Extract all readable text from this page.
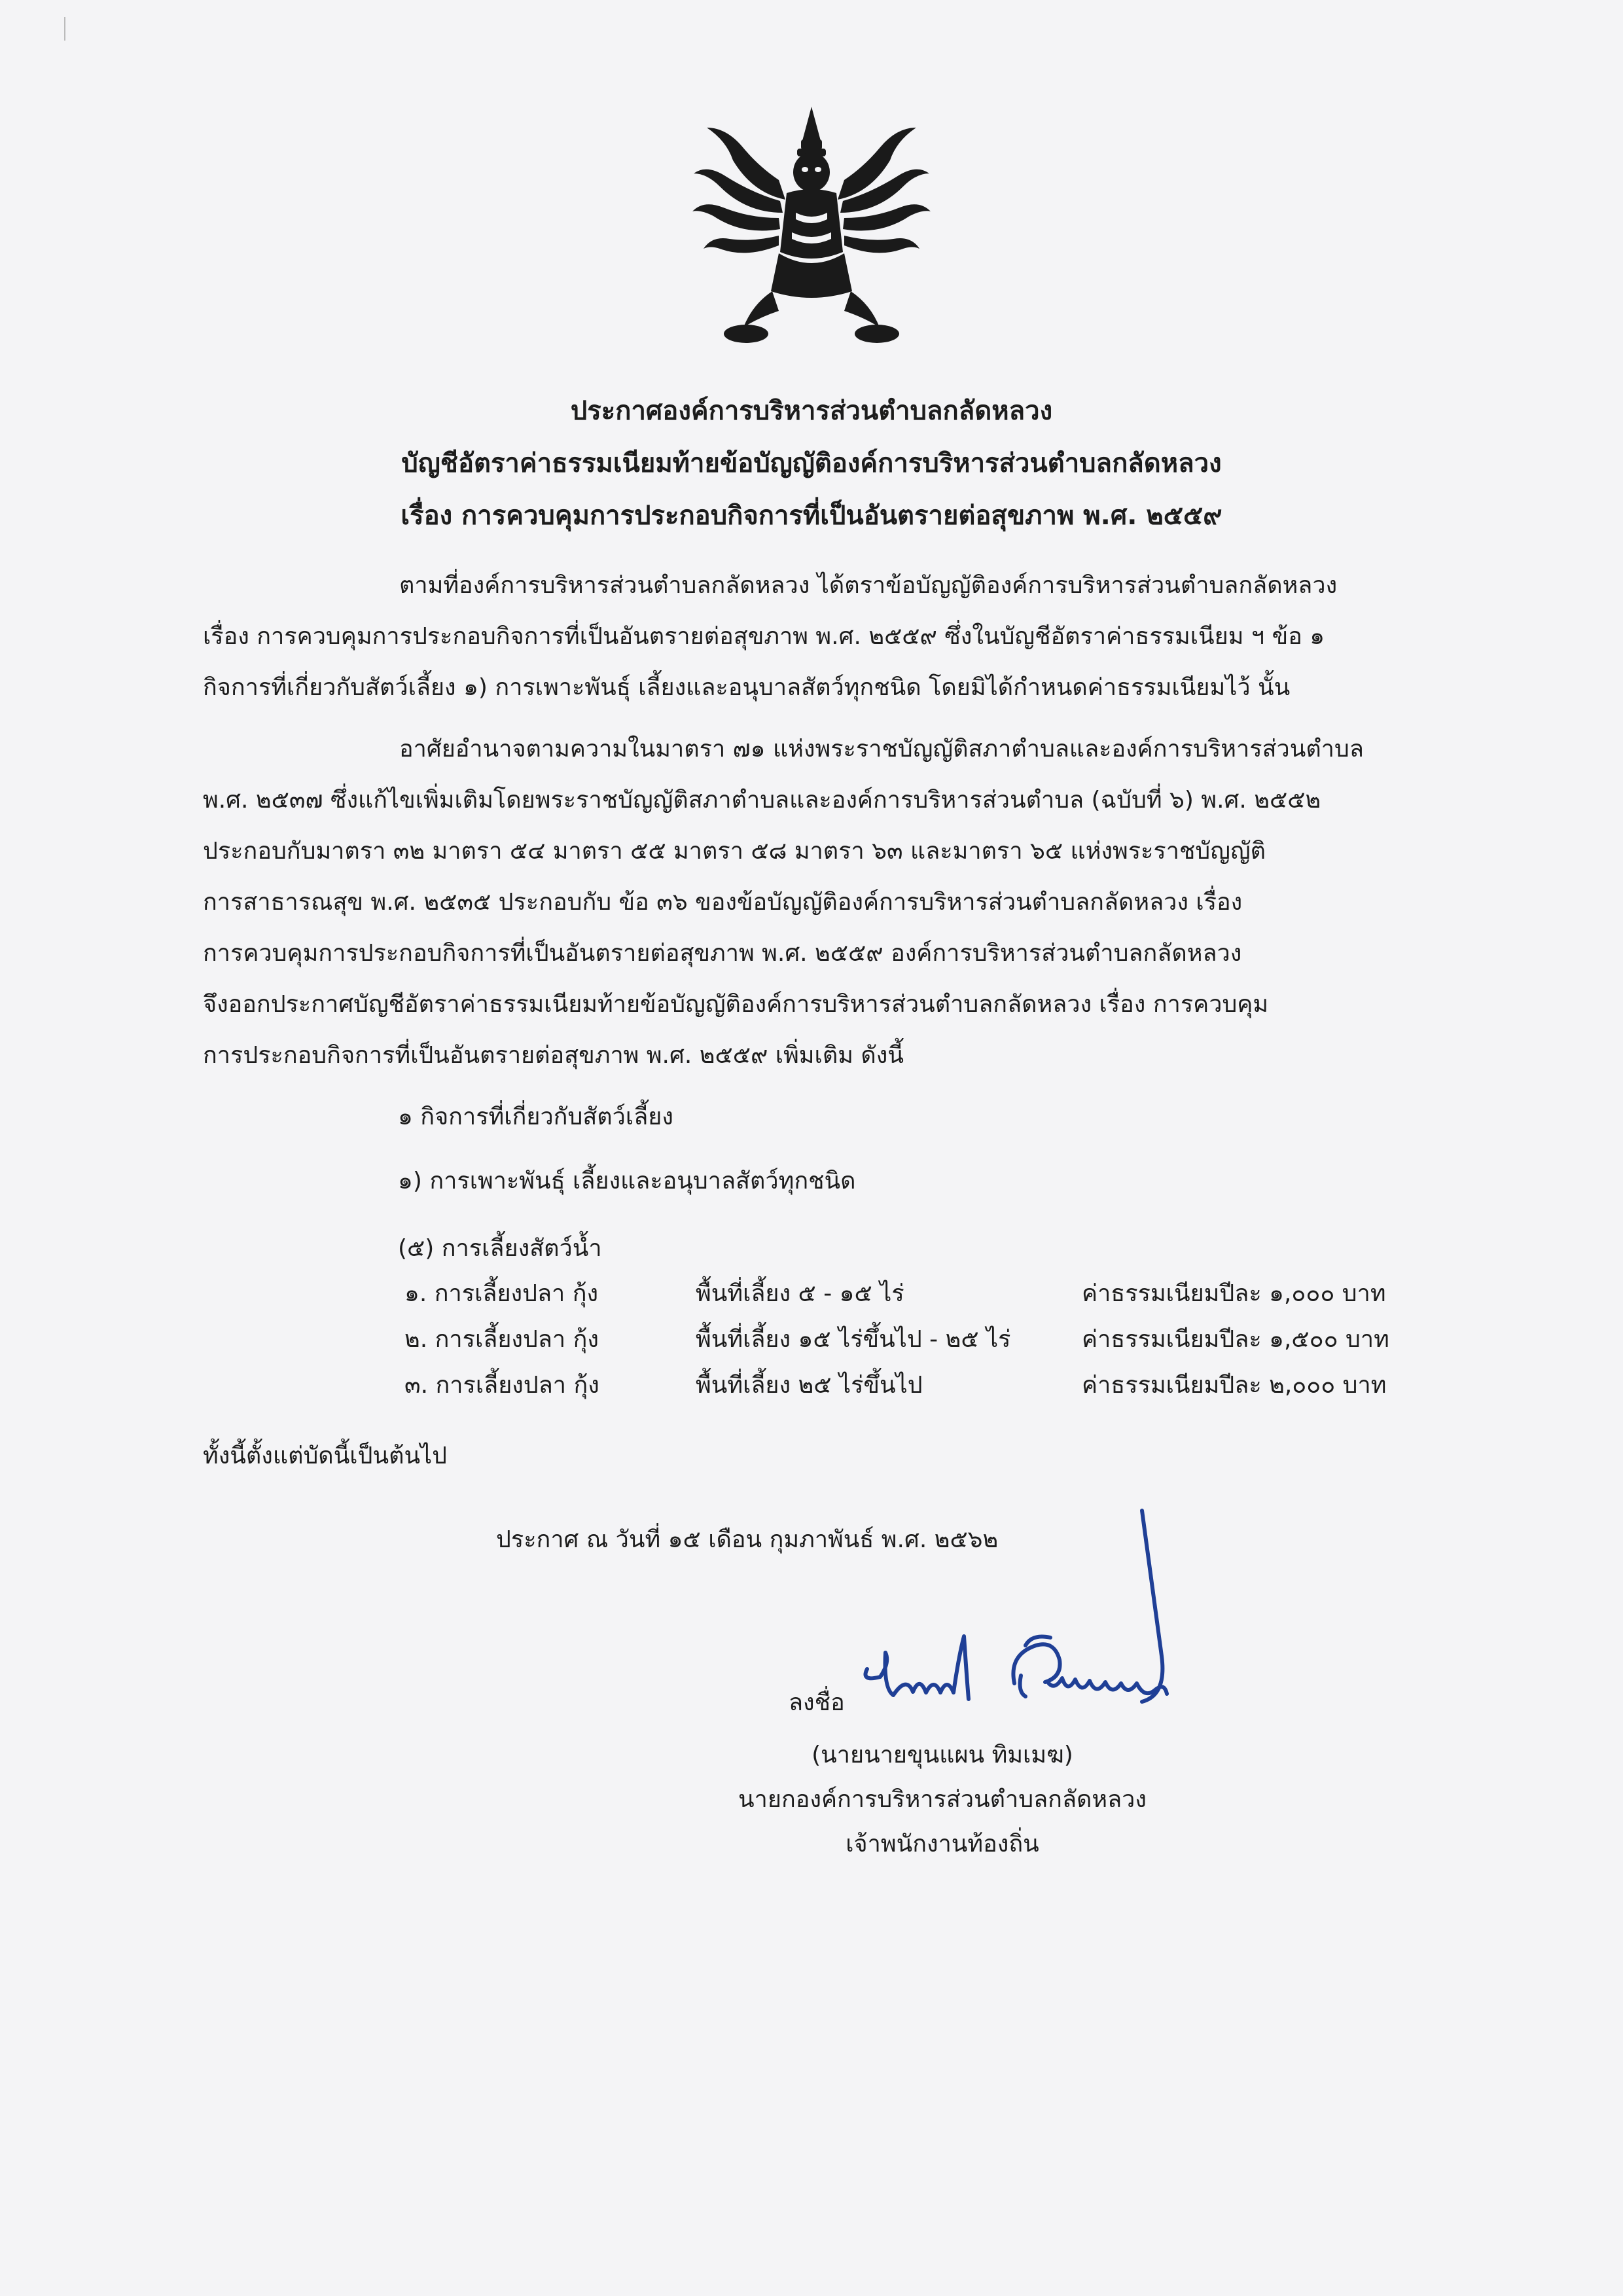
ประกาศองค์การบริหารส่วนตำบลกลัดหลวง

บัญชีอัตราค่าธรรมเนียมท้ายข้อบัญญัติองค์การบริหารส่วนตำบลกลัดหลวง

เรื่อง การควบคุมการประกอบกิจการที่เป็นอันตรายต่อสุขภาพ พ.ศ. ๒๕๕๙

ตามที่องค์การบริหารส่วนตำบลกลัดหลวง ได้ตราข้อบัญญัติองค์การบริหารส่วนตำบลกลัดหลวง
เรื่อง การควบคุมการประกอบกิจการที่เป็นอันตรายต่อสุขภาพ พ.ศ. ๒๕๕๙ ซึ่งในบัญชีอัตราค่าธรรมเนียม ฯ ข้อ ๑
กิจการที่เกี่ยวกับสัตว์เลี้ยง ๑) การเพาะพันธุ์ เลี้ยงและอนุบาลสัตว์ทุกชนิด โดยมิได้กำหนดค่าธรรมเนียมไว้ นั้น
อาศัยอำนาจตามความในมาตรา ๗๑ แห่งพระราชบัญญัติสภาตำบลและองค์การบริหารส่วนตำบล
พ.ศ. ๒๕๓๗ ซึ่งแก้ไขเพิ่มเติมโดยพระราชบัญญัติสภาตำบลและองค์การบริหารส่วนตำบล (ฉบับที่ ๖) พ.ศ. ๒๕๕๒
ประกอบกับมาตรา ๓๒ มาตรา ๕๔ มาตรา ๕๕ มาตรา ๕๘ มาตรา ๖๓ และมาตรา ๖๕ แห่งพระราชบัญญัติ
การสาธารณสุข พ.ศ. ๒๕๓๕ ประกอบกับ ข้อ ๓๖ ของข้อบัญญัติองค์การบริหารส่วนตำบลกลัดหลวง เรื่อง
การควบคุมการประกอบกิจการที่เป็นอันตรายต่อสุขภาพ พ.ศ. ๒๕๕๙ องค์การบริหารส่วนตำบลกลัดหลวง
จึงออกประกาศบัญชีอัตราค่าธรรมเนียมท้ายข้อบัญญัติองค์การบริหารส่วนตำบลกลัดหลวง เรื่อง การควบคุม
การประกอบกิจการที่เป็นอันตรายต่อสุขภาพ พ.ศ. ๒๕๕๙ เพิ่มเติม ดังนี้

๑ กิจการที่เกี่ยวกับสัตว์เลี้ยง

๑) การเพาะพันธุ์ เลี้ยงและอนุบาลสัตว์ทุกชนิด

(๕) การเลี้ยงสัตว์น้ำ

๑. การเลี้ยงปลา กุ้ง	พื้นที่เลี้ยง ๕ - ๑๕ ไร่	ค่าธรรมเนียมปีละ ๑,๐๐๐ บาท
๒. การเลี้ยงปลา กุ้ง	พื้นที่เลี้ยง ๑๕ ไร่ขึ้นไป - ๒๕ ไร่	ค่าธรรมเนียมปีละ ๑,๕๐๐ บาท
๓. การเลี้ยงปลา กุ้ง	พื้นที่เลี้ยง ๒๕ ไร่ขึ้นไป	ค่าธรรมเนียมปีละ ๒,๐๐๐ บาท

ทั้งนี้ตั้งแต่บัดนี้เป็นต้นไป

ประกาศ ณ วันที่ ๑๕ เดือน กุมภาพันธ์ พ.ศ. ๒๕๖๒

ลงชื่อ

(นายนายขุนแผน ทิมเมฆ)

นายกองค์การบริหารส่วนตำบลกลัดหลวง

เจ้าพนักงานท้องถิ่น
